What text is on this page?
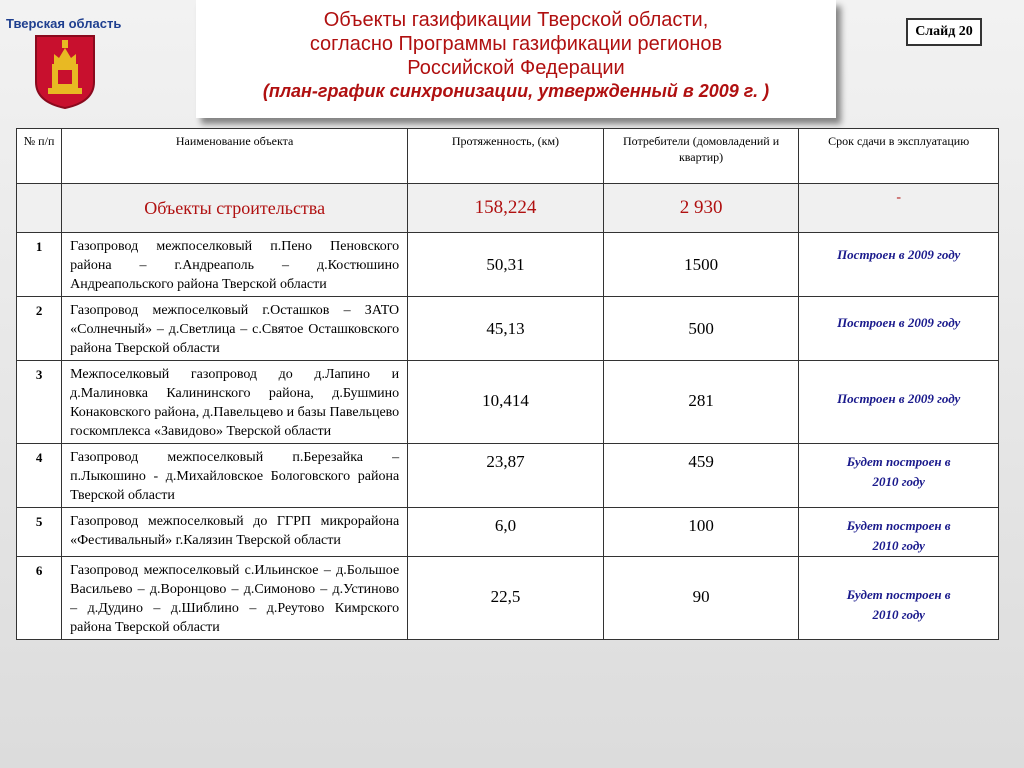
Тверская область	Объекты газификации Тверской области,
согласно Программы газификации регионов
Российской Федерации
(план-график синхронизации, утвержденный в 2009 г. )
Слайд 20
№ п/п	Наименование объекта	Протяженность, (км)	Потребители (домовладений и квартир)	Срок сдачи в эксплуатацию
	Объекты строительства	158,224	2 930	-
1	Газопровод межпоселковый п.Пено Пеновского района – г.Андреаполь – д.Костюшино Андреапольского района Тверской области	50,31	1500	Построен в 2009 году
2	Газопровод межпоселковый г.Осташков – ЗАТО «Солнечный» – д.Светлица – с.Святое Осташковского района Тверской области	45,13	500	Построен в 2009 году
3	Межпоселковый газопровод до д.Лапино и д.Малиновка Калининского района, д.Бушмино Конаковского района, д.Павельцево и базы Павельцево госкомплекса «Завидово» Тверской области	10,414	281	Построен в 2009 году
4	Газопровод межпоселковый п.Березайка – п.Лыкошино - д.Михайловское Бологовского района Тверской области	23,87	459	Будет построен в 2010 году
5	Газопровод межпоселковый до ГГРП микрорайона «Фестивальный» г.Калязин Тверской области	6,0	100	Будет построен в 2010 году
6	Газопровод межпоселковый с.Ильинское – д.Большое Васильево – д.Воронцово – д.Симоново – д.Устиново – д.Дудино – д.Шиблино – д.Реутово Кимрского района Тверской области	22,5	90	Будет построен в 2010 году
